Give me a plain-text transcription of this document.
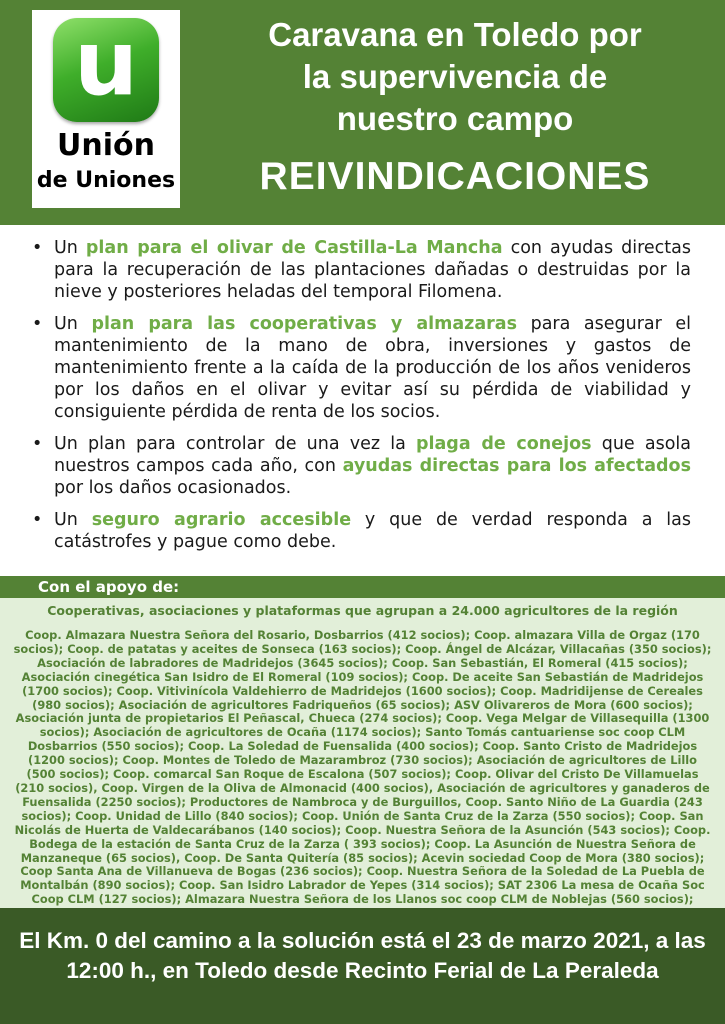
u
Unión
de Uniones
Caravana en Toledo por
la supervivencia de
nuestro campo
REIVINDICACIONES
• Un plan para el olivar de Castilla-La Mancha con ayudas directas para la recuperación de las plantaciones dañadas o destruidas por la nieve y posteriores heladas del temporal Filomena.
• Un plan para las cooperativas y almazaras para asegurar el mantenimiento de la mano de obra, inversiones y gastos de mantenimiento frente a la caída de la producción de los años venideros por los daños en el olivar y evitar así su pérdida de viabilidad y consiguiente pérdida de renta de los socios.
• Un plan para controlar de una vez la plaga de conejos que asola nuestros campos cada año, con ayudas directas para los afectados por los daños ocasionados.
• Un seguro agrario accesible y que de verdad responda a las catástrofes y pague como debe.
Con el apoyo de:
Cooperativas, asociaciones y plataformas que agrupan a 24.000 agricultores de la región
Coop. Almazara Nuestra Señora del Rosario, Dosbarrios (412 socios); Coop. almazara Villa de Orgaz (170 socios); Coop. de patatas y aceites de Sonseca (163 socios); Coop. Ángel de Alcázar, Villacañas (350 socios); Asociación de labradores de Madridejos (3645 socios); Coop. San Sebastián, El Romeral (415 socios); Asociación cinegética San Isidro de El Romeral (109 socios); Coop. De aceite San Sebastián de Madridejos (1700 socios); Coop. Vitivinícola Valdehierro de Madridejos (1600 socios); Coop. Madridijense de Cereales (980 socios); Asociación de agricultores Fadriqueños (65 socios); ASV Olivareros de Mora (600 socios); Asociación junta de propietarios El Peñascal, Chueca (274 socios); Coop. Vega Melgar de Villasequilla (1300 socios); Asociación de agricultores de Ocaña (1174 socios); Santo Tomás cantuariense soc coop CLM Dosbarrios (550 socios); Coop. La Soledad de Fuensalida (400 socios); Coop. Santo Cristo de Madridejos (1200 socios); Coop. Montes de Toledo de Mazarambroz (730 socios); Asociación de agricultores de Lillo (500 socios); Coop. comarcal San Roque de Escalona (507 socios); Coop. Olivar del Cristo De Villamuelas (210 socios), Coop. Virgen de la Oliva de Almonacid (400 socios), Asociación de agricultores y ganaderos de Fuensalida (2250 socios); Productores de Nambroca y de Burguillos, Coop. Santo Niño de La Guardia (243 socios); Coop. Unidad de Lillo (840 socios); Coop. Unión de Santa Cruz de la Zarza (550 socios); Coop. San Nicolás de Huerta de Valdecarábanos (140 socios); Coop. Nuestra Señora de la Asunción (543 socios); Coop. Bodega de la estación de Santa Cruz de la Zarza ( 393 socios); Coop. La Asunción de Nuestra Señora de Manzaneque (65 socios), Coop. De Santa Quitería (85 socios); Acevin sociedad Coop de Mora (380 socios); Coop Santa Ana de Villanueva de Bogas (236 socios); Coop. Nuestra Señora de la Soledad de La Puebla de Montalbán (890 socios); Coop. San Isidro Labrador de Yepes (314 socios); SAT 2306 La mesa de Ocaña Soc Coop CLM (127 socios); Almazara Nuestra Señora de los Llanos soc coop CLM de Noblejas (560 socios);
El Km. 0 del camino a la solución está el 23 de marzo 2021, a las 12:00 h., en Toledo desde Recinto Ferial de La Peraleda
